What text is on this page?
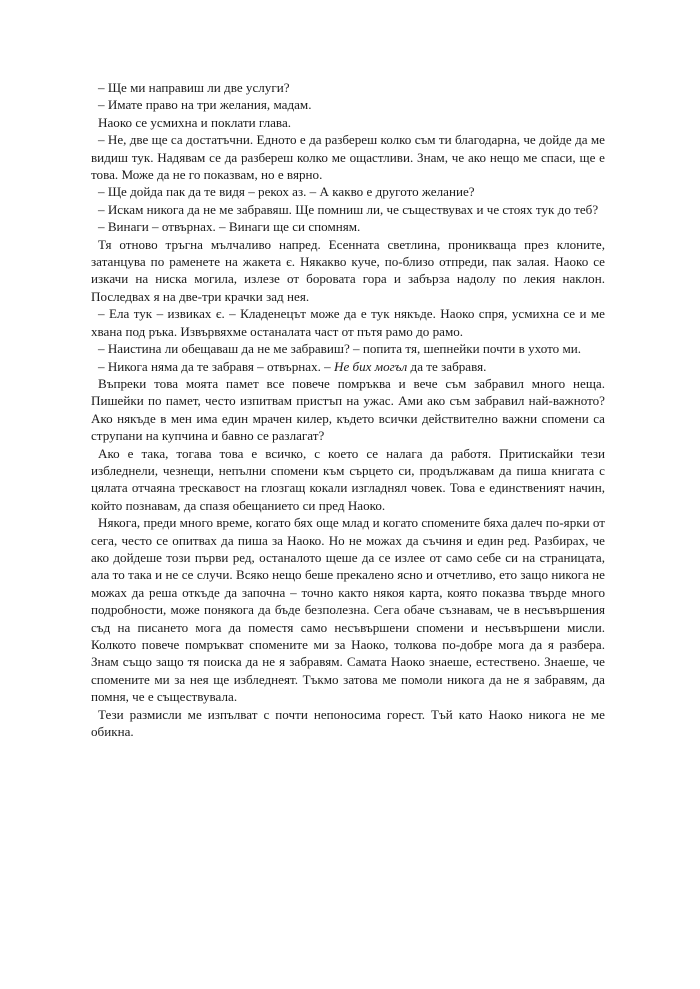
– Ще ми направиш ли две услуги?

– Имате право на три желания, мадам.

Наоко се усмихна и поклати глава.

– Не, две ще са достатъчни. Едното е да разбереш колко съм ти благодарна, че дойде да ме видиш тук. Надявам се да разбереш колко ме ощастливи. Знам, че ако нещо ме спаси, ще е това. Може да не го показвам, но е вярно.

– Ще дойда пак да те видя – рекох аз. – А какво е другото желание?

– Искам никога да не ме забравяш. Ще помниш ли, че съществувах и че стоях тук до теб?

– Винаги – отвърнах. – Винаги ще си спомням.

Тя отново тръгна мълчаливо напред. Есенната светлина, проникваща през клоните, затанцува по раменете на жакета є. Някакво куче, по-близо отпреди, пак залая. Наоко се изкачи на ниска могила, излезе от боровата гора и забърза надолу по лекия наклон. Последвах я на две-три крачки зад нея.

– Ела тук – извиках є. – Кладенецът може да е тук някъде. Наоко спря, усмихна се и ме хвана под ръка. Извървяхме останалата част от пътя рамо до рамо.

– Наистина ли обещаваш да не ме забравиш? – попита тя, шепнейки почти в ухото ми.

– Никога няма да те забравя – отвърнах. – Не бих могъл да те забравя.

Въпреки това моята памет все повече помръква и вече съм забравил много неща. Пишейки по памет, често изпитвам пристъп на ужас. Ами ако съм забравил най-важното? Ако някъде в мен има един мрачен килер, където всички действително важни спомени са струпани на купчина и бавно се разлагат?

Ако е така, тогава това е всичко, с което се налага да работя. Притискайки тези избледнели, чезнещи, непълни спомени към сърцето си, продължавам да пиша книгата с цялата отчаяна трескавост на глозгащ кокали изгладнял човек. Това е единственият начин, който познавам, да спазя обещанието си пред Наоко.

Някога, преди много време, когато бях още млад и когато спомените бяха далеч по-ярки от сега, често се опитвах да пиша за Наоко. Но не можах да съчиня и един ред. Разбирах, че ако дойдеше този първи ред, останалото щеше да се излее от само себе си на страницата, ала то така и не се случи. Всяко нещо беше прекалено ясно и отчетливо, ето защо никога не можах да реша откъде да започна – точно както някоя карта, която показва твърде много подробности, може понякога да бъде безполезна. Сега обаче съзнавам, че в несъвършения съд на писането мога да поместя само несъвършени спомени и несъвършени мисли. Колкото повече помръкват спомените ми за Наоко, толкова по-добре мога да я разбера. Знам също защо тя поиска да не я забравям. Самата Наоко знаеше, естествено. Знаеше, че спомените ми за нея ще избледнеят. Тъкмо затова ме помоли никога да не я забравям, да помня, че е съществувала.

Тези размисли ме изпълват с почти непоносима горест. Тъй като Наоко никога не ме обикна.
